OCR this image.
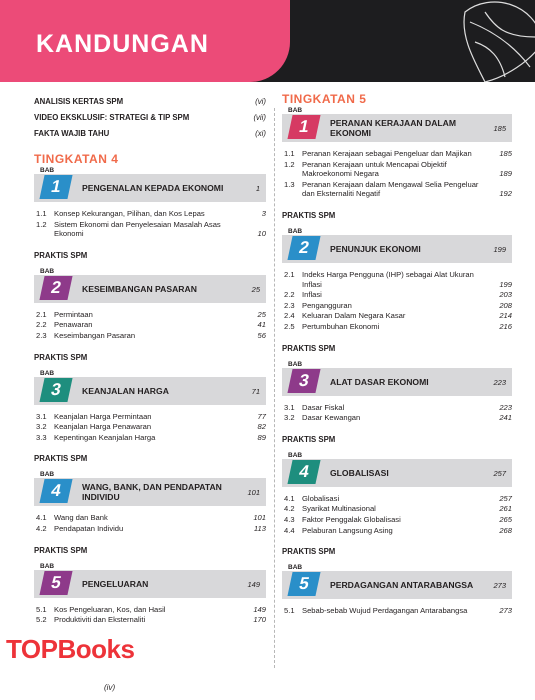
KANDUNGAN
ANALISIS KERTAS SPM	(vi)
VIDEO EKSKLUSIF: STRATEGI & TIP SPM	(vii)
FAKTA WAJIB TAHU	(xi)
TINGKATAN 4
BAB
1	PENGENALAN KEPADA EKONOMI	1
1.1 Konsep Kekurangan, Pilihan, dan Kos Lepas	3
1.2 Sistem Ekonomi dan Penyelesaian Masalah Asas Ekonomi	10
PRAKTIS SPM
BAB
2	KESEIMBANGAN PASARAN	25
2.1 Permintaan	25
2.2 Penawaran	41
2.3 Keseimbangan Pasaran	56
PRAKTIS SPM
BAB
3	KEANJALAN HARGA	71
3.1 Keanjalan Harga Permintaan	77
3.2 Keanjalan Harga Penawaran	82
3.3 Kepentingan Keanjalan Harga	89
PRAKTIS SPM
BAB
4	WANG, BANK, DAN PENDAPATAN INDIVIDU	101
4.1 Wang dan Bank	101
4.2 Pendapatan Individu	113
PRAKTIS SPM
BAB
5	PENGELUARAN	149
5.1 Kos Pengeluaran, Kos, dan Hasil	149
5.2 Produktiviti dan Eksternaliti	170
TINGKATAN 5
BAB
1	PERANAN KERAJAAN DALAM EKONOMI	185
1.1 Peranan Kerajaan sebagai Pengeluar dan Majikan	185
1.2 Peranan Kerajaan untuk Mencapai Objektif Makroekonomi Negara	189
1.3 Peranan Kerajaan dalam Mengawal Selia Pengeluar dan Eksternaliti Negatif	192
PRAKTIS SPM
BAB
2	PENUNJUK EKONOMI	199
2.1 Indeks Harga Pengguna (IHP) sebagai Alat Ukuran Inflasi	199
2.2 Inflasi	203
2.3 Pengangguran	208
2.4 Keluaran Dalam Negara Kasar	214
2.5 Pertumbuhan Ekonomi	216
PRAKTIS SPM
BAB
3	ALAT DASAR EKONOMI	223
3.1 Dasar Fiskal	223
3.2 Dasar Kewangan	241
PRAKTIS SPM
BAB
4	GLOBALISASI	257
4.1 Globalisasi	257
4.2 Syarikat Multinasional	261
4.3 Faktor Penggalak Globalisasi	265
4.4 Pelaburan Langsung Asing	268
PRAKTIS SPM
BAB
5	PERDAGANGAN ANTARABANGSA	273
5.1 Sebab-sebab Wujud Perdagangan Antarabangsa	273
TOPBooks
(iv)
